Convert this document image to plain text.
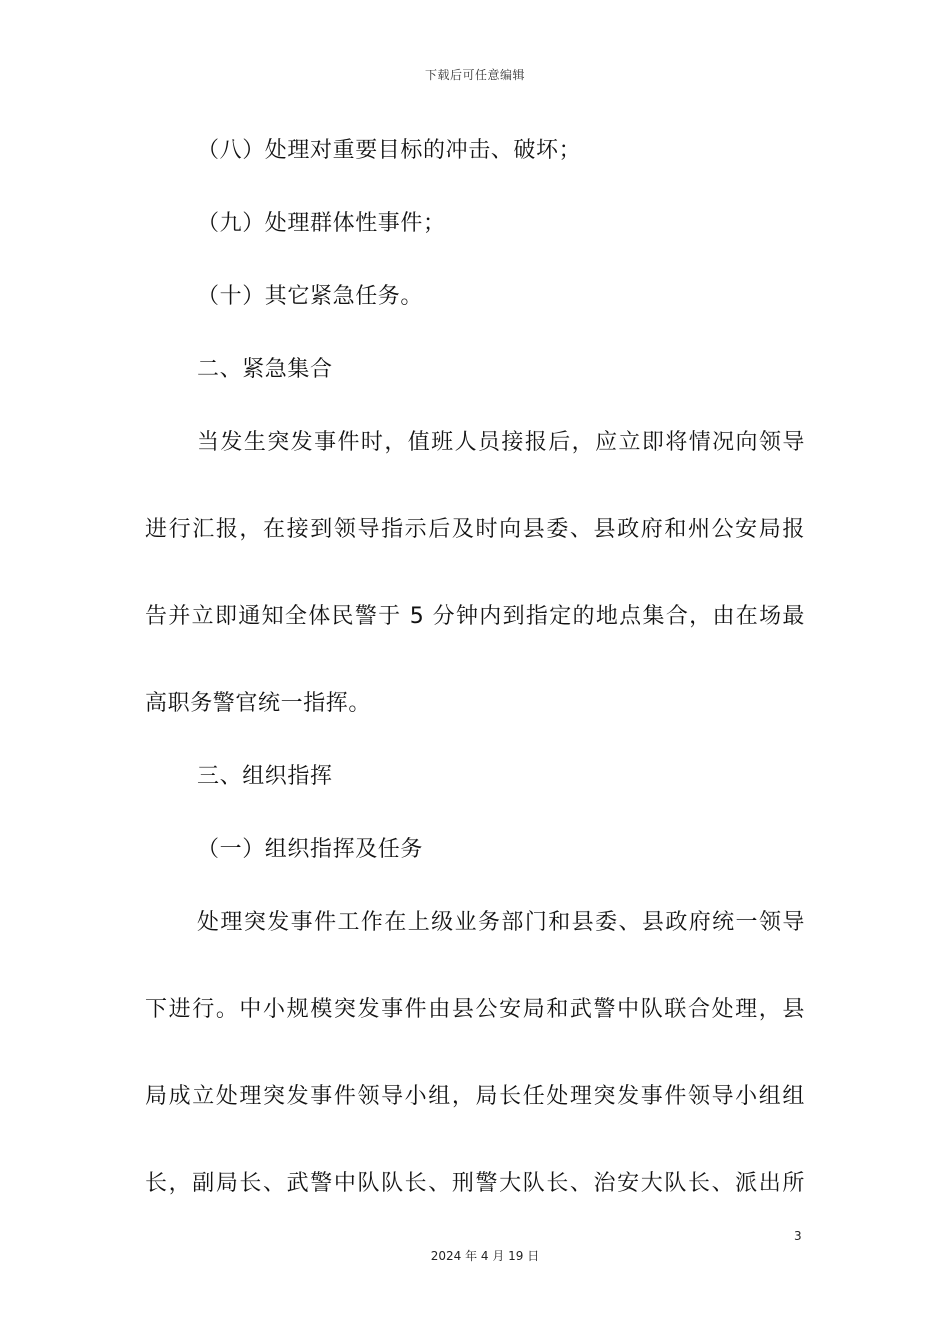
下载后可任意编辑
（八）处理对重要目标的冲击、破坏；
（九）处理群体性事件；
（十）其它紧急任务。
二、紧急集合
当发生突发事件时，值班人员接报后，应立即将情况向领导
进行汇报，在接到领导指示后及时向县委、县政府和州公安局报
告并立即通知全体民警于 5 分钟内到指定的地点集合，由在场最
高职务警官统一指挥。
三、组织指挥
（一）组织指挥及任务
处理突发事件工作在上级业务部门和县委、县政府统一领导
下进行。中小规模突发事件由县公安局和武警中队联合处理，县
局成立处理突发事件领导小组，局长任处理突发事件领导小组组
长，副局长、武警中队队长、刑警大队长、治安大队长、派出所
3
2024 年 4 月 19 日
